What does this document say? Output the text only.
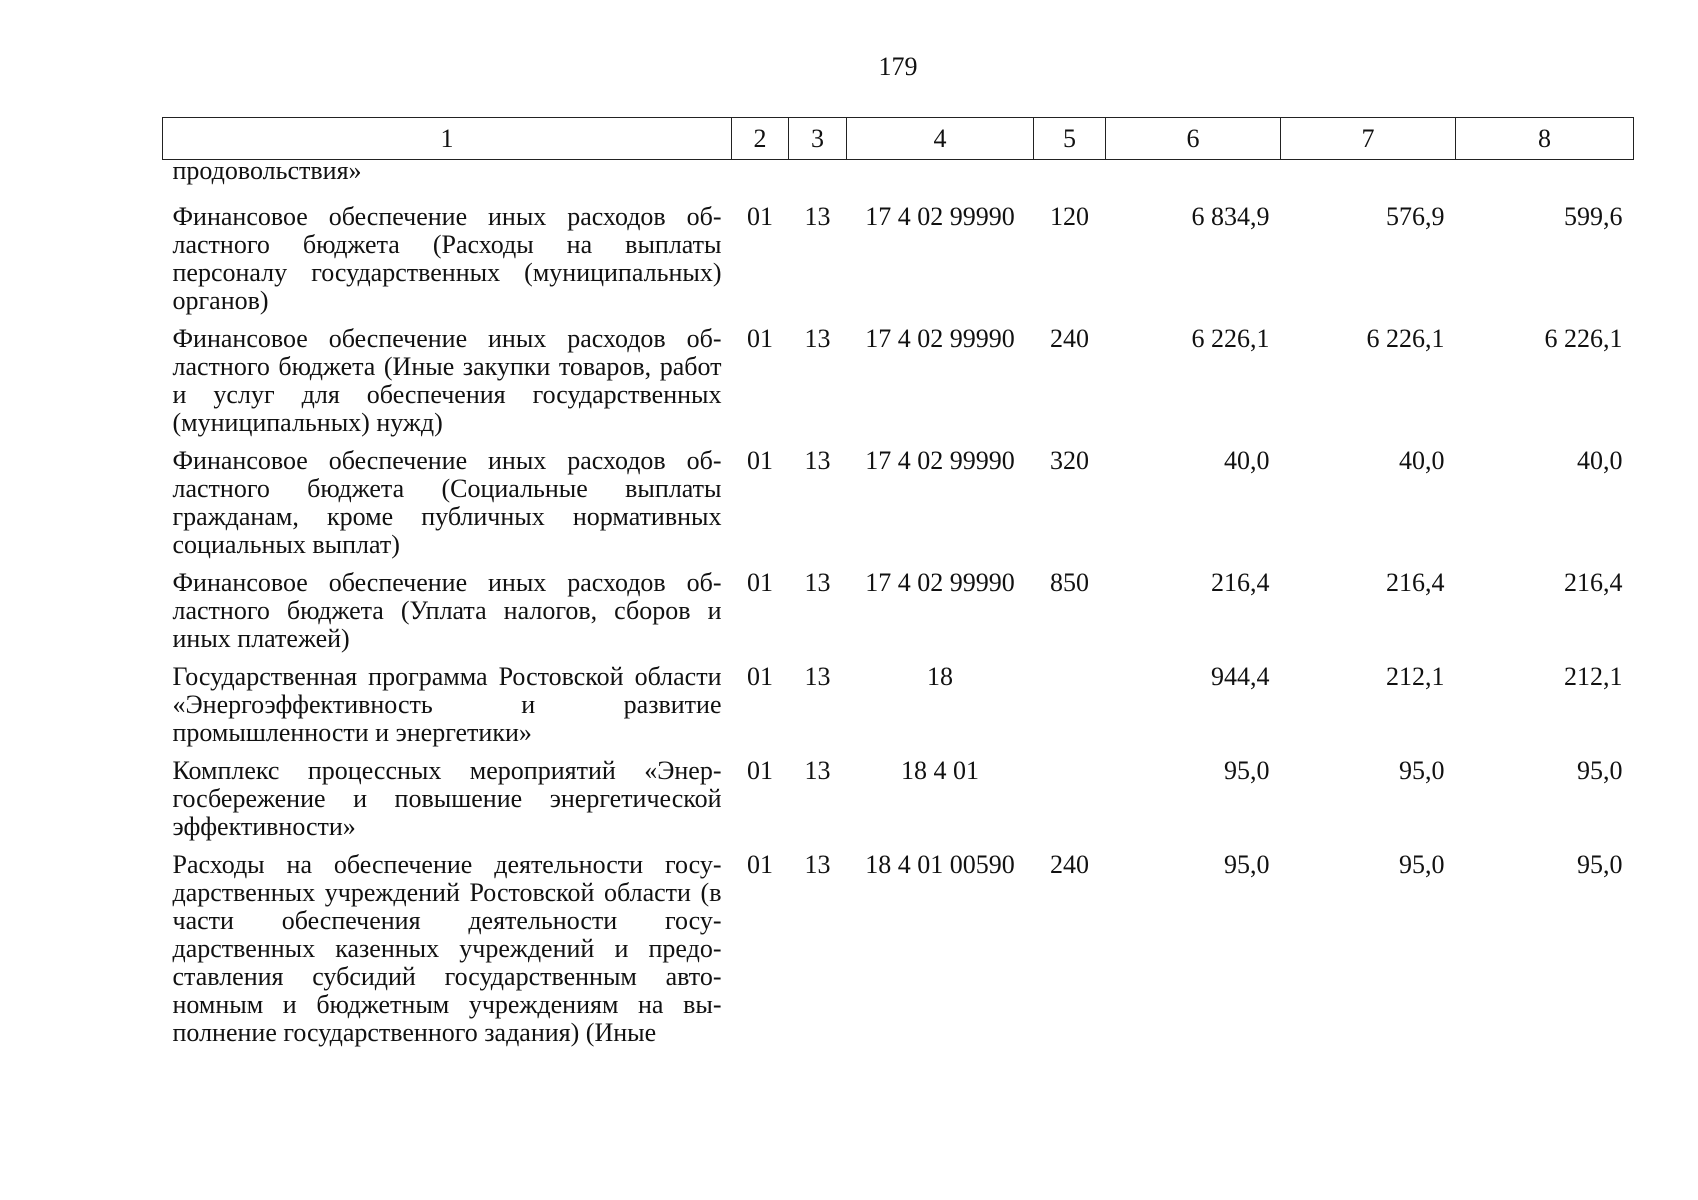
179
1	2	3	4	5	6	7	8
продовольствия»							
Финансовое обеспечение иных расходов областного бюджета (Расходы на выплаты персоналу государственных (муниципальных) органов)	01	13	17 4 02 99990	120	6 834,9	576,9	599,6
Финансовое обеспечение иных расходов областного бюджета (Иные закупки товаров, работ и услуг для обеспечения государственных (муниципальных) нужд)	01	13	17 4 02 99990	240	6 226,1	6 226,1	6 226,1
Финансовое обеспечение иных расходов областного бюджета (Социальные выплаты гражданам, кроме публичных нормативных социальных выплат)	01	13	17 4 02 99990	320	40,0	40,0	40,0
Финансовое обеспечение иных расходов областного бюджета (Уплата налогов, сборов и иных платежей)	01	13	17 4 02 99990	850	216,4	216,4	216,4
Государственная программа Ростовской области «Энергоэффективность и развитие промышленности и энергетики»	01	13	18		944,4	212,1	212,1
Комплекс процессных мероприятий «Энергосбережение и повышение энергетической эффективности»	01	13	18 4 01		95,0	95,0	95,0
Расходы на обеспечение деятельности государственных учреждений Ростовской области (в части обеспечения деятельности государственных казенных учреждений и предоставления субсидий государственным автономным и бюджетным учреждениям на выполнение государственного задания) (Иные	01	13	18 4 01 00590	240	95,0	95,0	95,0
